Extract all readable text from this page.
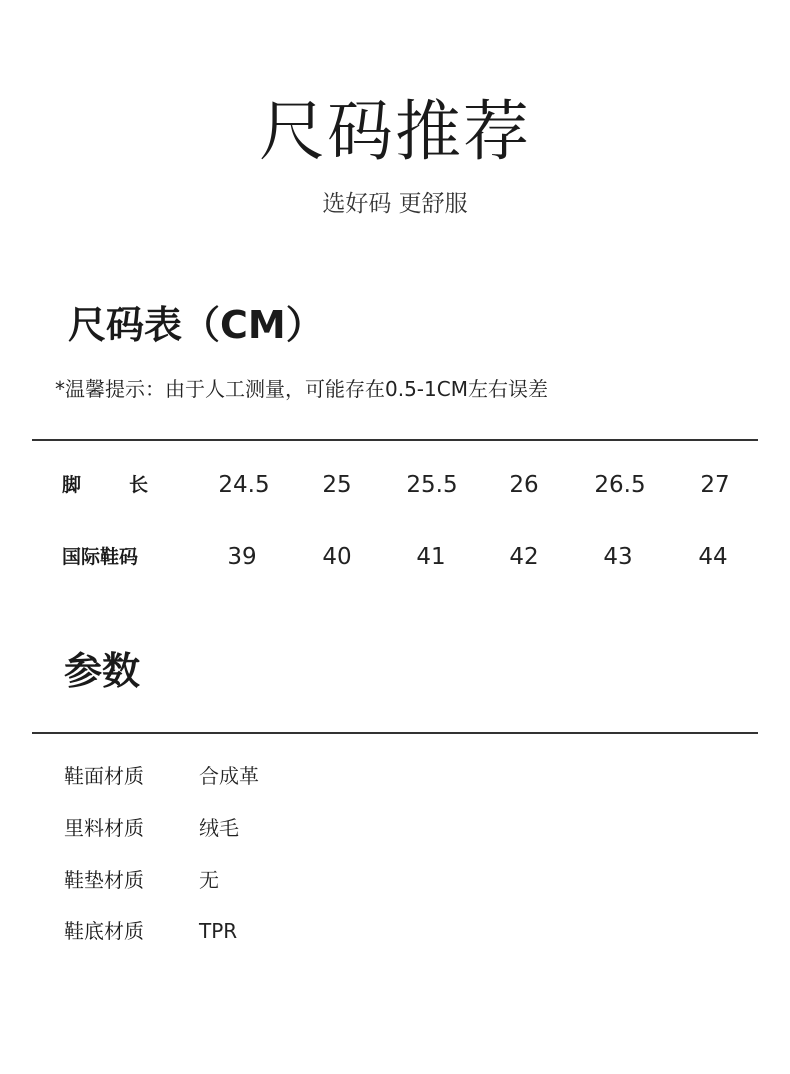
尺码推荐
选好码 更舒服
尺码表（CM）
*温馨提示：由于人工测量，可能存在0.5-1CM左右误差
脚	长	24.5	25	25.5	26	26.5	27
国际鞋码	39	40	41	42	43	44
参数
鞋面材质	合成革
里料材质	绒毛
鞋垫材质	无
鞋底材质	TPR
